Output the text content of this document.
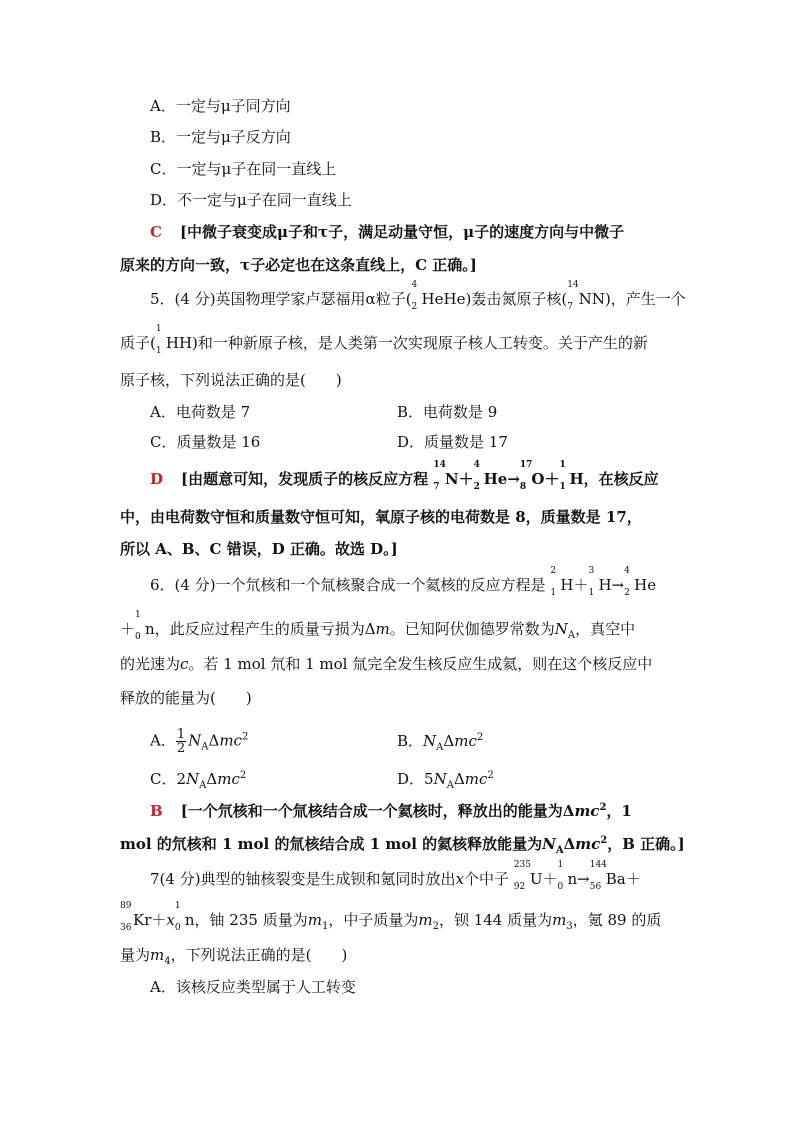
A．一定与μ子同方向
B．一定与μ子反方向
C．一定与μ子在同一直线上
D．不一定与μ子在同一直线上
C [中微子衰变成μ子和τ子，满足动量守恒，μ子的速度方向与中微子
原来的方向一致，τ子必定也在这条直线上，C 正确。]
5．(4 分)英国物理学家卢瑟福用α粒子(
4
2 HeHe)轰击氮原子核(
14
7  NN)，产生一个
质子(
1
1 HH)和一种新原子核，是人类第一次实现原子核人工转变。关于产生的新
原子核，下列说法正确的是(　　)
A．电荷数是 7	B．电荷数是 9
C．质量数是 16	D．质量数是 17
D [由题意可知，发现质子的核反应方程
14
7  N＋
4
2 He→
17
8  O＋
1
1 H，在核反应
中，由电荷数守恒和质量数守恒可知，氧原子核的电荷数是 8，质量数是 17，
所以 A、B、C 错误，D 正确。故选 D。]
6．(4 分)一个氘核和一个氚核聚合成一个氦核的反应方程是
2
1 H＋
3
1 H→
4
2 He
＋
1
0 n，此反应过程产生的质量亏损为Δm。已知阿伏伽德罗常数为$N_A$，真空中
的光速为c。若 1 mol 氘和 1 mol 氚完全发生核反应生成氦，则在这个核反应中
释放的能量为(　　)
A． $\frac{1}{2} N_A\Delta mc^2$	B．$N_A\Delta mc^2$
C．$2N_A\Delta mc^2$	D．$5N_A\Delta mc^2$
B [一个氘核和一个氚核结合成一个氦核时，释放出的能量为Δmc$^2$，1
mol 的氘核和 1 mol 的氚核结合成 1 mol 的氦核释放能量为$N_A\Delta mc^2$，B 正确。]
7(4 分)典型的铀核裂变是生成钡和氪同时放出x个中子
235
92
  U＋
1
0 n→
144
56
  Ba＋
89
36
 Kr＋x
1
0 n，铀 235 质量为$m_1$，中子质量为$m_2$，钡 144 质量为$m_3$，氪 89 的质
量为$m_4$，下列说法正确的是(　　)
A．该核反应类型属于人工转变
